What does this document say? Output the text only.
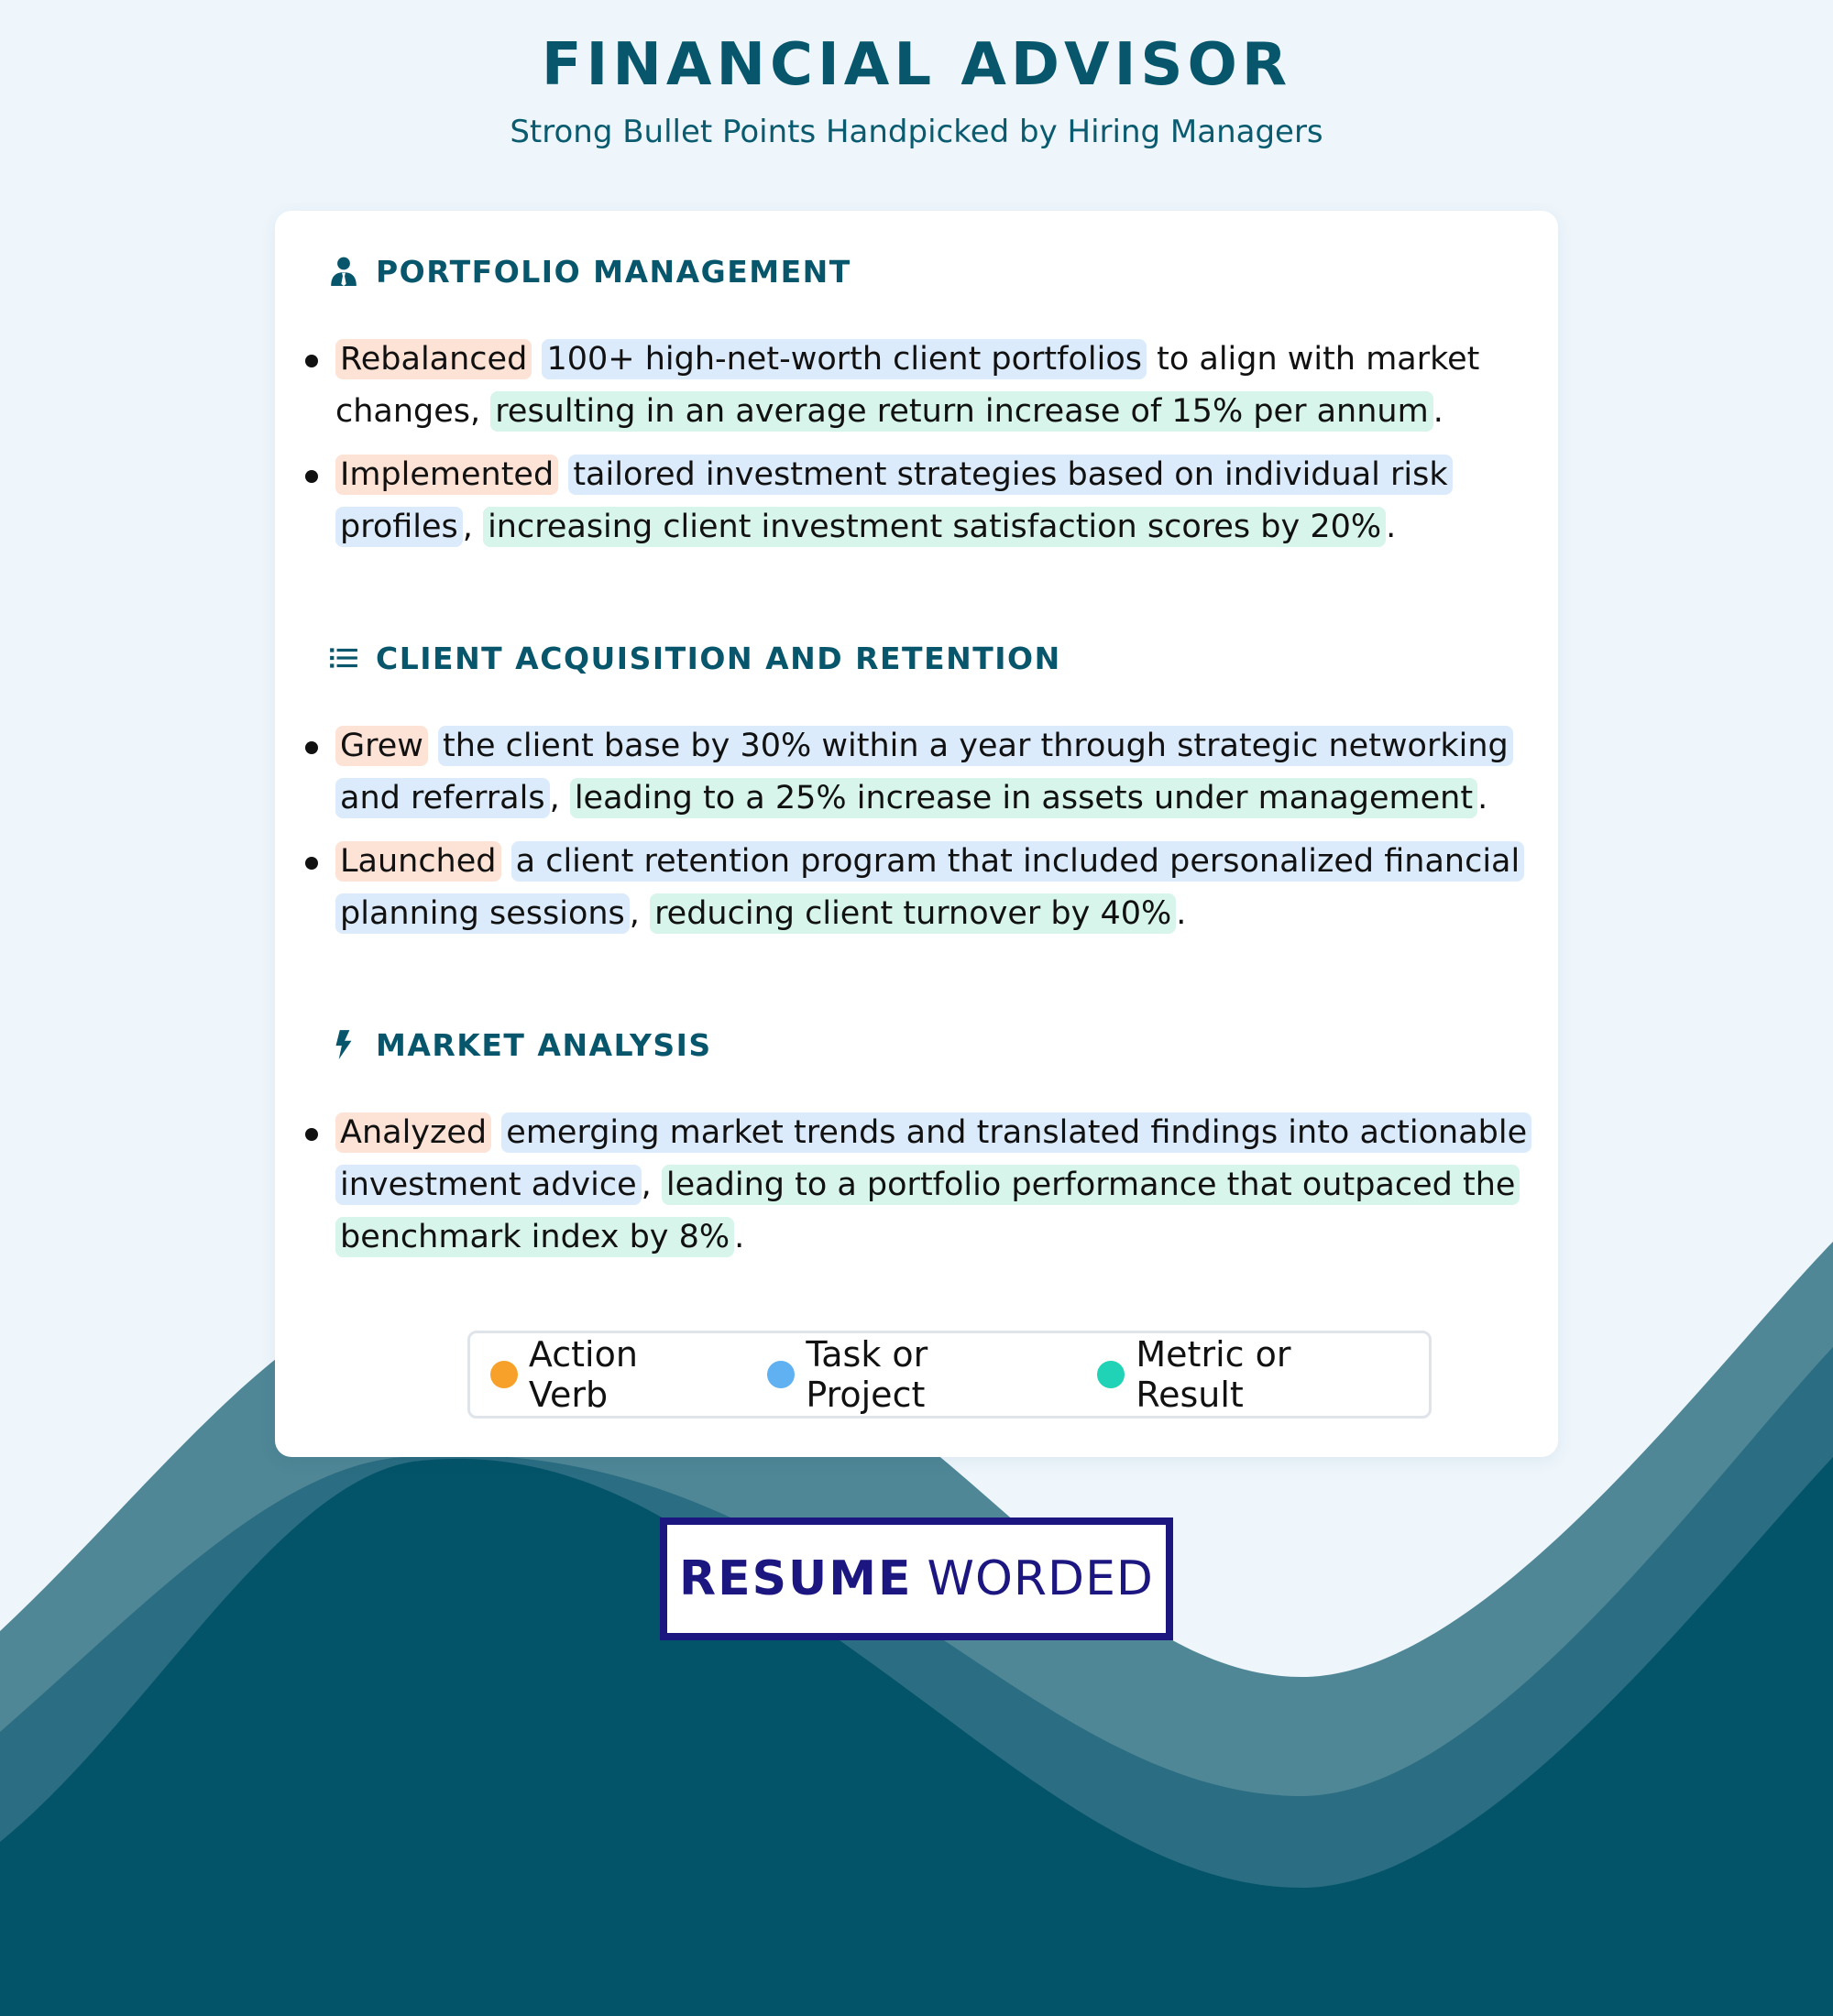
FINANCIAL ADVISOR
Strong Bullet Points Handpicked by Hiring Managers
PORTFOLIO MANAGEMENT
Rebalanced 100+ high-net-worth client portfolios to align with market changes, resulting in an average return increase of 15% per annum .
Implemented tailored investment strategies based on individual risk profiles , increasing client investment satisfaction scores by 20% .
CLIENT ACQUISITION AND RETENTION
Grew the client base by 30% within a year through strategic networking and referrals , leading to a 25% increase in assets under management .
Launched a client retention program that included personalized financial planning sessions , reducing client turnover by 40% .
MARKET ANALYSIS
Analyzed emerging market trends and translated findings into actionable investment advice , leading to a portfolio performance that outpaced the benchmark index by 8% .
Action Verb
Task or Project
Metric or Result
RESUME WORDED
